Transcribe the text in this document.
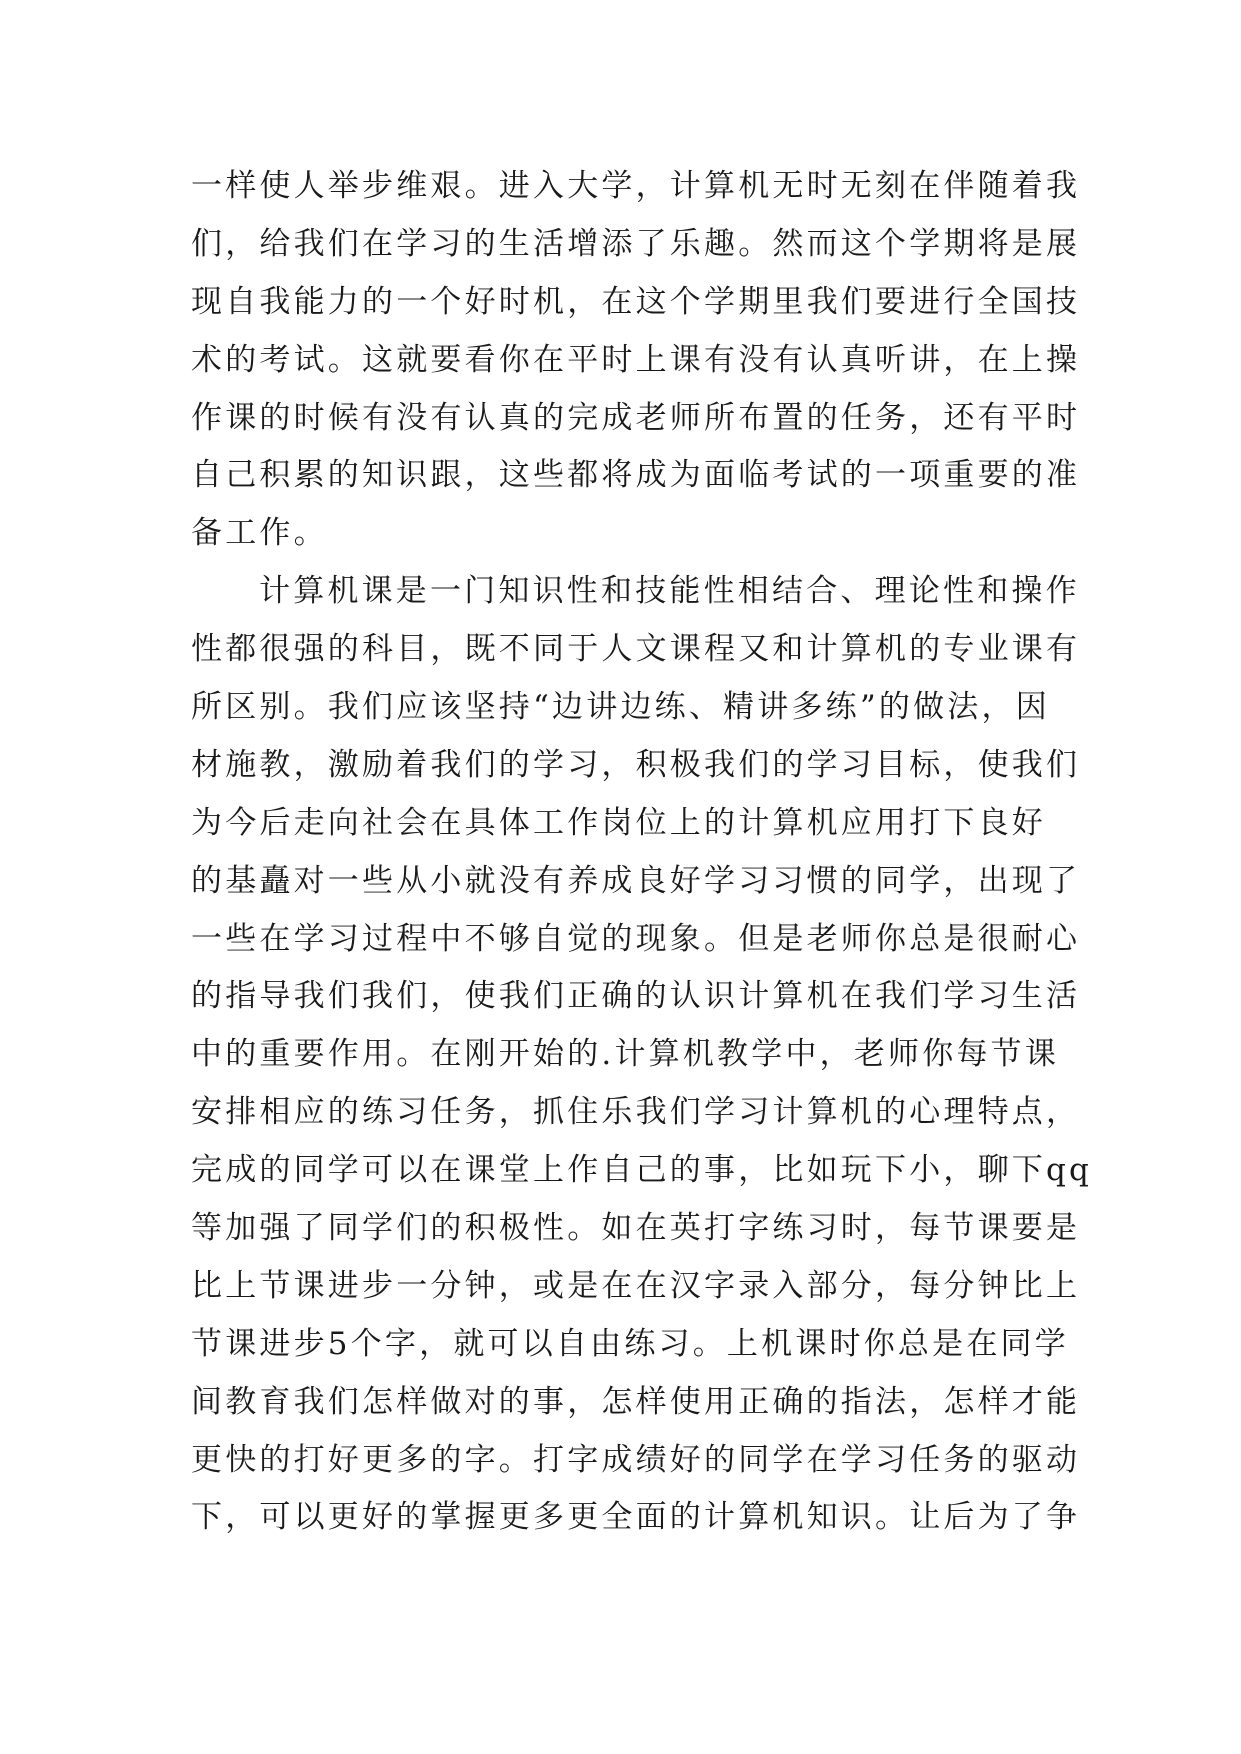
一样使人举步维艰。进入大学，计算机无时无刻在伴随着我
们，给我们在学习的生活增添了乐趣。然而这个学期将是展
现自我能力的一个好时机，在这个学期里我们要进行全国技
术的考试。这就要看你在平时上课有没有认真听讲，在上操
作课的时候有没有认真的完成老师所布置的任务，还有平时
自己积累的知识跟，这些都将成为面临考试的一项重要的准
备工作。
计算机课是一门知识性和技能性相结合、理论性和操作
性都很强的科目，既不同于人文课程又和计算机的专业课有
所区别。我们应该坚持“边讲边练、精讲多练”的做法，因
材施教，激励着我们的学习，积极我们的学习目标，使我们
为今后走向社会在具体工作岗位上的计算机应用打下良好
的基矗对一些从小就没有养成良好学习习惯的同学，出现了
一些在学习过程中不够自觉的现象。但是老师你总是很耐心
的指导我们我们，使我们正确的认识计算机在我们学习生活
中的重要作用。在刚开始的.计算机教学中，老师你每节课
安排相应的练习任务，抓住乐我们学习计算机的心理特点，
完成的同学可以在课堂上作自己的事，比如玩下小，聊下qq
等加强了同学们的积极性。如在英打字练习时，每节课要是
比上节课进步一分钟，或是在在汉字录入部分，每分钟比上
节课进步5个字，就可以自由练习。上机课时你总是在同学
间教育我们怎样做对的事，怎样使用正确的指法，怎样才能
更快的打好更多的字。打字成绩好的同学在学习任务的驱动
下，可以更好的掌握更多更全面的计算机知识。让后为了争
